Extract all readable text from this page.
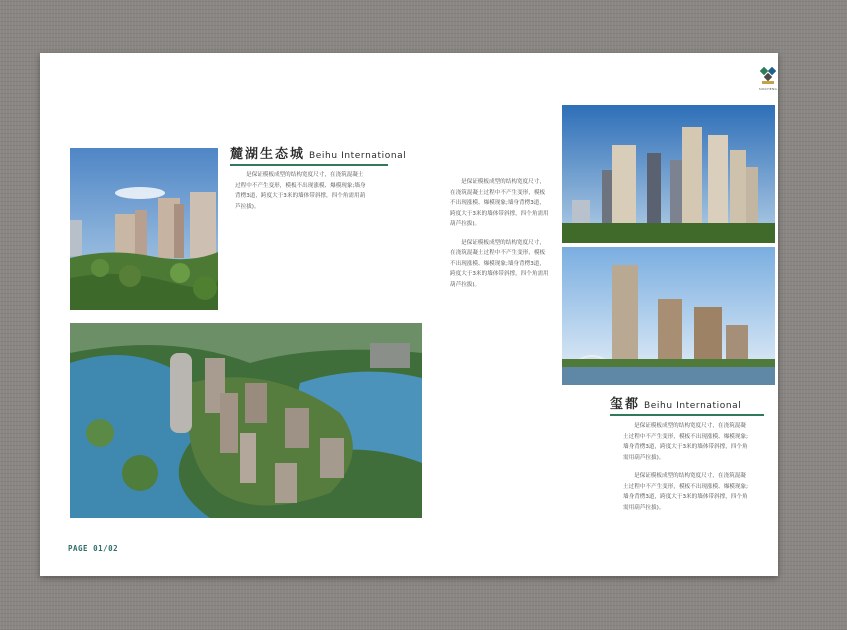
SINCHENG
麓湖生态城 Beihu International

是保证模板成型的结构宽度尺寸，在浇筑混凝土过程中不产生变形，模板不出现涨模、爆模现象;墙身背楞3道，跨度大于3米的墙体带斜撑，四个角需用葫芦拉拔)。

是保证模板成型的结构宽度尺寸，在浇筑混凝土过程中不产生变形，模板不出现涨模、爆模现象;墙身背楞3道，跨度大于3米的墙体带斜撑，四个角需用葫芦拉拔)。

是保证模板成型的结构宽度尺寸，在浇筑混凝土过程中不产生变形，模板不出现涨模、爆模现象;墙身背楞3道，跨度大于3米的墙体带斜撑，四个角需用葫芦拉拔)。

玺都 Beihu International

是保证模板成型的结构宽度尺寸，在浇筑混凝土过程中不产生变形，模板不出现涨模、爆模现象;墙身背楞3道，跨度大于3米的墙体带斜撑，四个角需用葫芦拉拔)。

是保证模板成型的结构宽度尺寸，在浇筑混凝土过程中不产生变形，模板不出现涨模、爆模现象;墙身背楞3道，跨度大于3米的墙体带斜撑，四个角需用葫芦拉拔)。

PAGE 01/02
